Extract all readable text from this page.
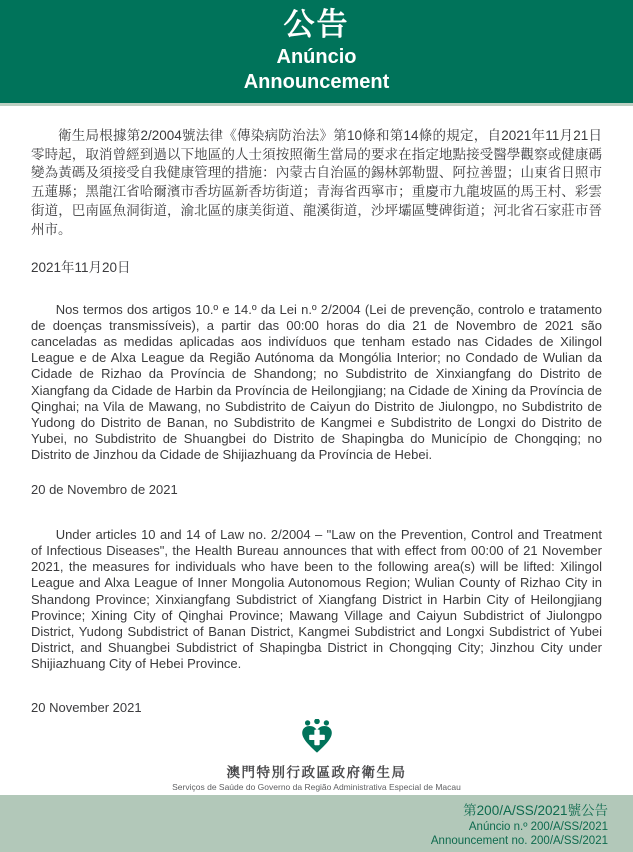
公告
Anúncio
Announcement

衛生局根據第2/2004號法律《傳染病防治法》第10條和第14條的規定，自2021年11月21日零時起，取消曾經到過以下地區的人士須按照衛生當局的要求在指定地點接受醫學觀察或健康碼變為黃碼及須接受自我健康管理的措施：內蒙古自治區的錫林郭勒盟、阿拉善盟；山東省日照市五蓮縣；黑龍江省哈爾濱市香坊區新香坊街道；青海省西寧市；重慶市九龍坡區的馬王村、彩雲街道，巴南區魚洞街道，渝北區的康美街道、龍溪街道，沙坪壩區雙碑街道；河北省石家莊市晉州市。

2021年11月20日

Nos termos dos artigos 10.º e 14.º da Lei n.º 2/2004 (Lei de prevenção, controlo e tratamento de doenças transmissíveis), a partir das 00:00 horas do dia 21 de Novembro de 2021 são canceladas as medidas aplicadas aos indivíduos que tenham estado nas Cidades de Xilingol League e de Alxa League da Região Autónoma da Mongólia Interior; no Condado de Wulian da Cidade de Rizhao da Província de Shandong; no Subdistrito de Xinxiangfang do Distrito de Xiangfang da Cidade de Harbin da Província de Heilongjiang; na Cidade de Xining da Província de Qinghai; na Vila de Mawang, no Subdistrito de Caiyun do Distrito de Jiulongpo, no Subdistrito de Yudong do Distrito de Banan, no Subdistrito de Kangmei e Subdistrito de Longxi do Distrito de Yubei, no Subdistrito de Shuangbei do Distrito de Shapingba do Município de Chongqing; no Distrito de Jinzhou da Cidade de Shijiazhuang da Província de Hebei.

20 de Novembro de 2021

Under articles 10 and 14 of Law no. 2/2004 – "Law on the Prevention, Control and Treatment of Infectious Diseases", the Health Bureau announces that with effect from 00:00 of 21 November 2021, the measures for individuals who have been to the following area(s) will be lifted: Xilingol League and Alxa League of Inner Mongolia Autonomous Region; Wulian County of Rizhao City in Shandong Province; Xinxiangfang Subdistrict of Xiangfang District in Harbin City of Heilongjiang Province; Xining City of Qinghai Province; Mawang Village and Caiyun Subdistrict of Jiulongpo District, Yudong Subdistrict of Banan District, Kangmei Subdistrict and Longxi Subdistrict of Yubei District, and Shuangbei Subdistrict of Shapingba District in Chongqing City; Jinzhou City under Shijiazhuang City of Hebei Province.

20 November 2021
澳門特別行政區政府衛生局
Serviços de Saúde do Governo da Região Administrativa Especial de Macau
第200/A/SS/2021號公告
Anúncio n.º 200/A/SS/2021
Announcement no. 200/A/SS/2021
